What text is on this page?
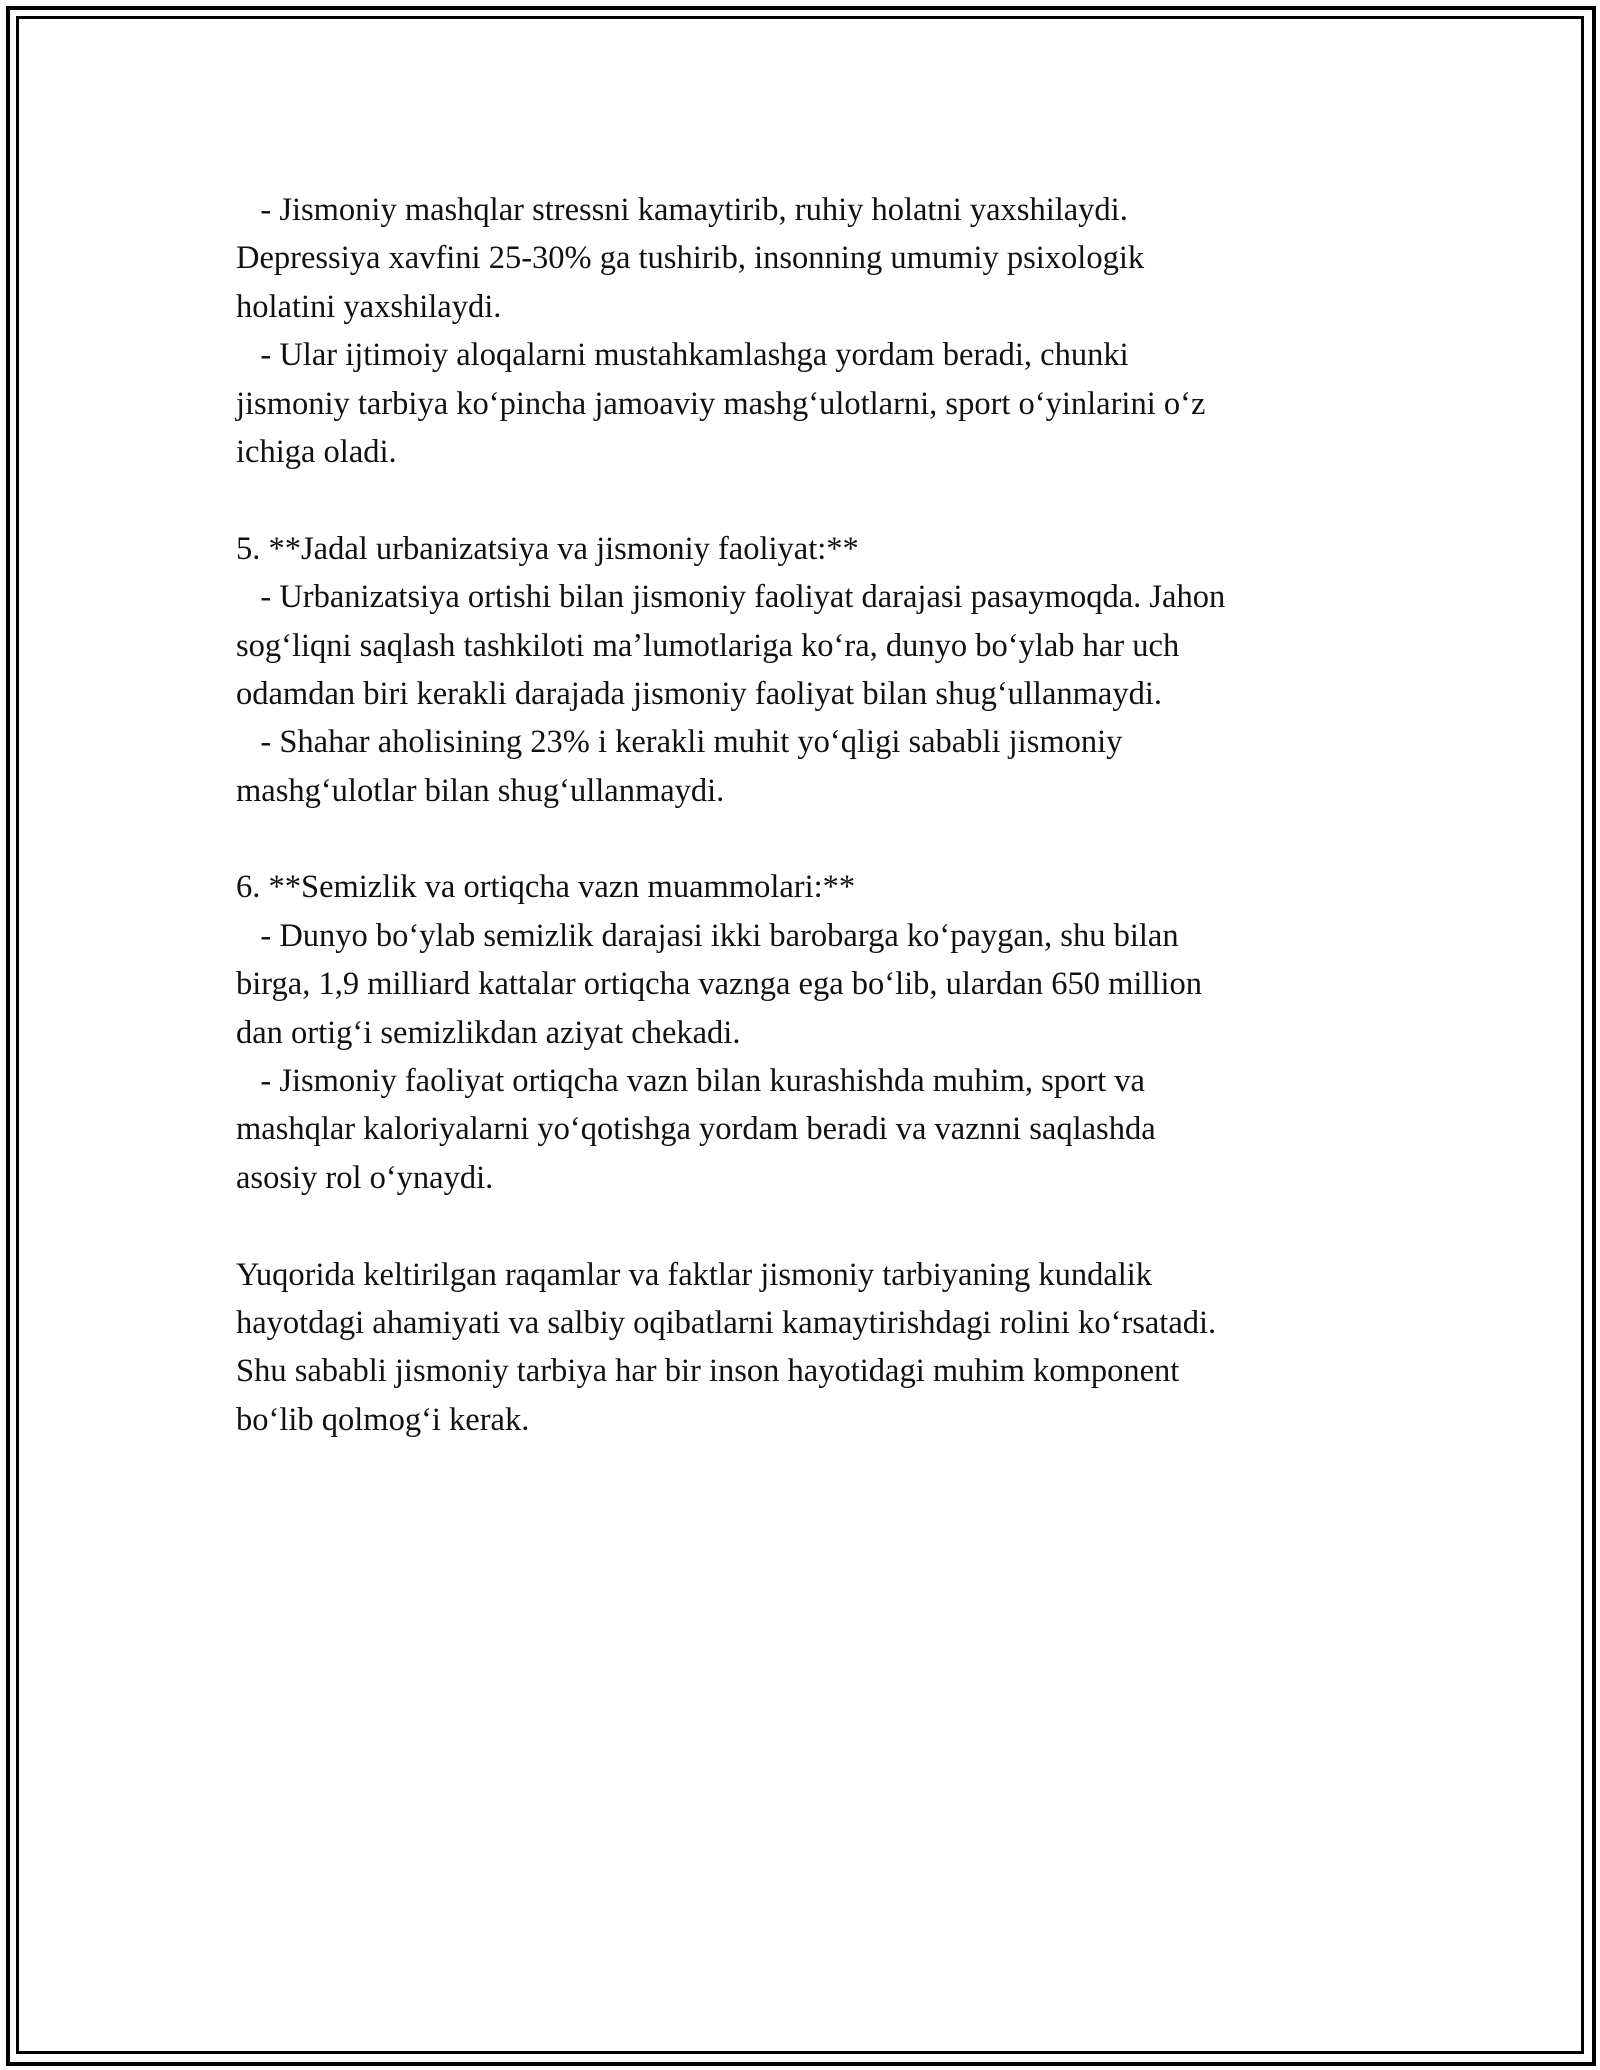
- Jismoniy mashqlar stressni kamaytirib, ruhiy holatni yaxshilaydi.
Depressiya xavfini 25-30% ga tushirib, insonning umumiy psixologik
holatini yaxshilaydi.
- Ular ijtimoiy aloqalarni mustahkamlashga yordam beradi, chunki
jismoniy tarbiya koʻpincha jamoaviy mashgʻulotlarni, sport oʻyinlarini oʻz
ichiga oladi.
5. **Jadal urbanizatsiya va jismoniy faoliyat:**
- Urbanizatsiya ortishi bilan jismoniy faoliyat darajasi pasaymoqda. Jahon
sogʻliqni saqlash tashkiloti maʼlumotlariga koʻra, dunyo boʻylab har uch
odamdan biri kerakli darajada jismoniy faoliyat bilan shugʻullanmaydi.
- Shahar aholisining 23% i kerakli muhit yoʻqligi sababli jismoniy
mashgʻulotlar bilan shugʻullanmaydi.
6. **Semizlik va ortiqcha vazn muammolari:**
- Dunyo boʻylab semizlik darajasi ikki barobarga koʻpaygan, shu bilan
birga, 1,9 milliard kattalar ortiqcha vaznga ega boʻlib, ulardan 650 million
dan ortigʻi semizlikdan aziyat chekadi.
- Jismoniy faoliyat ortiqcha vazn bilan kurashishda muhim, sport va
mashqlar kaloriyalarni yoʻqotishga yordam beradi va vaznni saqlashda
asosiy rol oʻynaydi.
Yuqorida keltirilgan raqamlar va faktlar jismoniy tarbiyaning kundalik
hayotdagi ahamiyati va salbiy oqibatlarni kamaytirishdagi rolini koʻrsatadi.
Shu sababli jismoniy tarbiya har bir inson hayotidagi muhim komponent
boʻlib qolmogʻi kerak.
